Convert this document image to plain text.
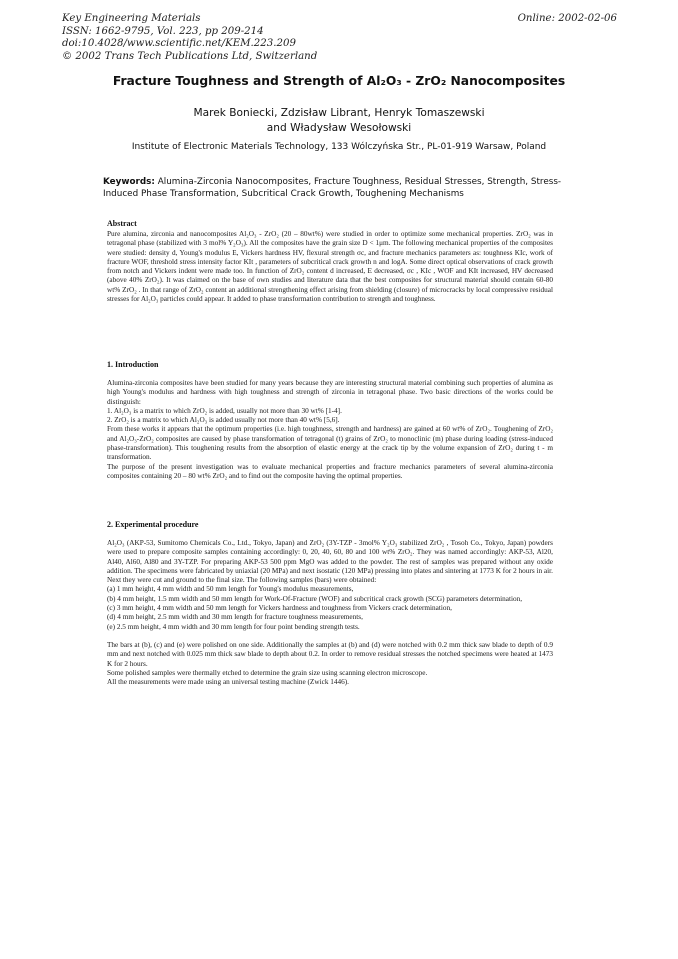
Key Engineering Materials
ISSN: 1662-9795, Vol. 223, pp 209-214
doi:10.4028/www.scientific.net/KEM.223.209
© 2002 Trans Tech Publications Ltd, Switzerland
Online: 2002-02-06
Fracture Toughness and Strength of Al₂O₃ - ZrO₂ Nanocomposites
Marek Boniecki, Zdzisław Librant, Henryk Tomaszewski
and Władysław Wesołowski
Institute of Electronic Materials Technology, 133 Wólczyńska Str., PL-01-919 Warsaw, Poland
Keywords: Alumina-Zirconia Nanocomposites, Fracture Toughness, Residual Stresses, Strength, Stress-Induced Phase Transformation, Subcritical Crack Growth, Toughening Mechanisms
Abstract
Pure alumina, zirconia and nanocomposites Al₂O₃ - ZrO₂ (20 – 80wt%) were studied in order to optimize some mechanical properties. ZrO₂ was in tetragonal phase (stabilized with 3 mol% Y₂O₃). All the composites have the grain size D < 1μm. The following mechanical properties of the composites were studied: density d, Young's modulus E, Vickers hardness HV, flexural strength σc, and fracture mechanics parameters as: toughness KIc, work of fracture WOF, threshold stress intensity factor KIt , parameters of subcritical crack growth n and logA. Some direct optical observations of crack growth from notch and Vickers indent were made too. In function of ZrO₂ content d increased, E decreased, σc , KIc , WOF and KIt increased, HV decreased (above 40% ZrO₂). It was claimed on the base of own studies and literature data that the best composites for structural material should contain 60-80 wt% ZrO₂ . In that range of ZrO₂ content an additional strengthening effect arising from shielding (closure) of microcracks by local compressive residual stresses for Al₂O₃ particles could appear. It added to phase transformation contribution to strength and toughness.
1. Introduction

Alumina-zirconia composites have been studied for many years because they are interesting structural material combining such properties of alumina as high Young's modulus and hardness with high toughness and strength of zirconia in tetragonal phase. Two basic directions of the works could be distinguish:

1. Al₂O₃ is a matrix to which ZrO₂ is added, usually not more than 30 wt% [1-4].

2. ZrO₂ is a matrix to which Al₂O₃ is added usually not more than 40 wt% [5,6].

From these works it appears that the optimum properties (i.e. high toughness, strength and hardness) are gained at 60 wt% of ZrO₂. Toughening of ZrO₂ and Al₂O₃-ZrO₂ composites are caused by phase transformation of tetragonal (t) grains of ZrO₂ to monoclinic (m) phase during loading (stress-induced phase-transformation). This toughening results from the absorption of elastic energy at the crack tip by the volume expansion of ZrO₂ during t - m transformation.

The purpose of the present investigation was to evaluate mechanical properties and fracture mechanics parameters of several alumina-zirconia composites containing 20 – 80 wt% ZrO₂ and to find out the composite having the optimal properties.

2. Experimental procedure

Al₂O₃ (AKP-53, Sumitomo Chemicals Co., Ltd., Tokyo, Japan) and ZrO₂ (3Y-TZP - 3mol% Y₂O₃ stabilized ZrO₂ , Tosoh Co., Tokyo, Japan) powders were used to prepare composite samples containing accordingly: 0, 20, 40, 60, 80 and 100 wt% ZrO₂. They was named accordingly: AKP-53, Al20, Al40, Al60, Al80 and 3Y-TZP. For preparing AKP-53 500 ppm MgO was added to the powder. The rest of samples was prepared without any oxide addition. The specimens were fabricated by uniaxial (20 MPa) and next isostatic (120 MPa) pressing into plates and sintering at 1773 K for 2 hours in air. Next they were cut and ground to the final size. The following samples (bars) were obtained:

(a) 1 mm height, 4 mm width and 50 mm length for Young's modulus measurements,

(b) 4 mm height, 1.5 mm width and 50 mm length for Work-Of-Fracture (WOF) and subcritical crack growth (SCG) parameters determination,

(c) 3 mm height, 4 mm width and 50 mm length for Vickers hardness and toughness from Vickers crack determination,

(d) 4 mm height, 2.5 mm width and 30 mm length for fracture toughness measurements,

(e) 2.5 mm height, 4 mm width and 30 mm length for four point bending strength tests.

The bars at (b), (c) and (e) were polished on one side. Additionally the samples at (b) and (d) were notched with 0.2 mm thick saw blade to depth of 0.9 mm and next notched with 0.025 mm thick saw blade to depth about 0.2. In order to remove residual stresses the notched specimens were heated at 1473 K for 2 hours.

Some polished samples were thermally etched to determine the grain size using scanning electron microscope.

All the measurements were made using an universal testing machine (Zwick 1446).
